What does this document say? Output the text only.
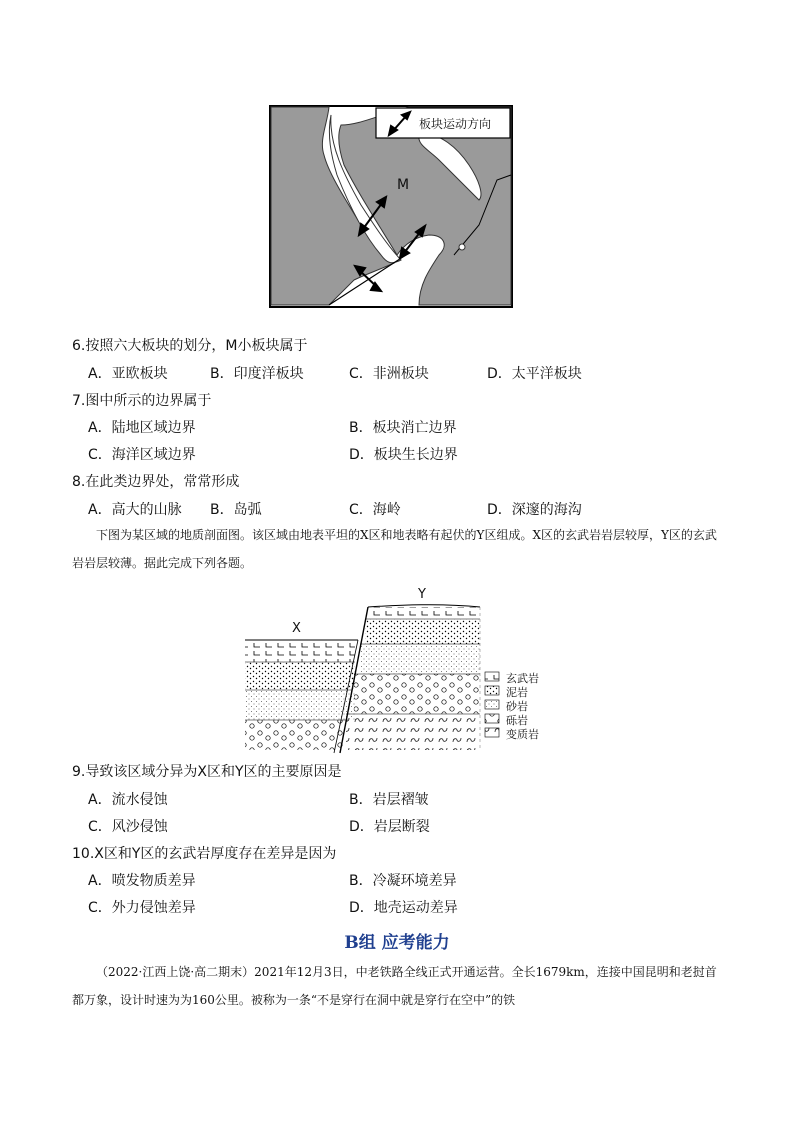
板块运动方向
M
6.按照六大板块的划分，M小板块属于
A．亚欧板块	B．印度洋板块	C．非洲板块	D．太平洋板块
7.图中所示的边界属于
A．陆地区域边界	B．板块消亡边界
C．海洋区域边界	D．板块生长边界
8.在此类边界处，常常形成
A．高大的山脉 B．岛弧	C．海岭	D．深邃的海沟
下图为某区域的地质剖面图。该区域由地表平坦的X区和地表略有起伏的Y区组成。X区的玄武岩岩层较厚，Y区的玄武岩岩层较薄。据此完成下列各题。
X
Y
玄武岩
泥岩
砂岩
砾岩
变质岩
9.导致该区域分异为X区和Y区的主要原因是
A．流水侵蚀	B．岩层褶皱
C．风沙侵蚀	D．岩层断裂
10.X区和Y区的玄武岩厚度存在差异是因为
A．喷发物质差异	B．冷凝环境差异
C．外力侵蚀差异	D．地壳运动差异
B组 应考能力
（2022·江西上饶·高二期末）2021年12月3日，中老铁路全线正式开通运营。全长1679km，连接中国昆明和老挝首都万象，设计时速为为160公里。被称为一条“不是穿行在洞中就是穿行在空中”的铁
